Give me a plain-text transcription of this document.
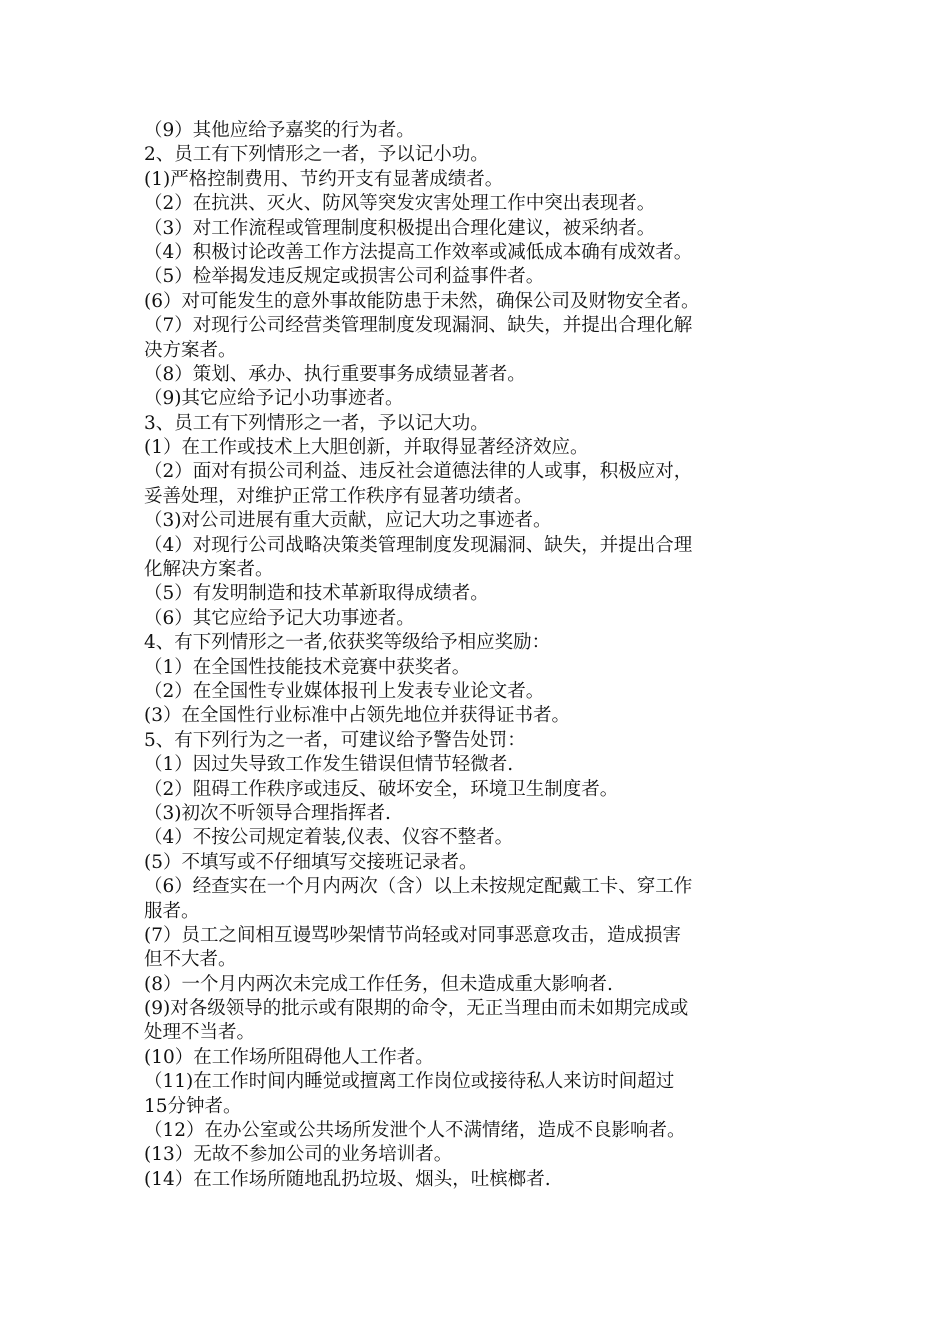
（9）其他应给予嘉奖的行为者。

2、员工有下列情形之一者，予以记小功。

(1)严格控制费用、节约开支有显著成绩者。

（2）在抗洪、灭火、防风等突发灾害处理工作中突出表现者。

（3）对工作流程或管理制度积极提出合理化建议，被采纳者。

（4）积极讨论改善工作方法提高工作效率或减低成本确有成效者。

（5）检举揭发违反规定或损害公司利益事件者。

(6）对可能发生的意外事故能防患于未然，确保公司及财物安全者。

（7）对现行公司经营类管理制度发现漏洞、缺失，并提出合理化解

决方案者。

（8）策划、承办、执行重要事务成绩显著者。

（9)其它应给予记小功事迹者。

3、员工有下列情形之一者，予以记大功。

(1）在工作或技术上大胆创新，并取得显著经济效应。

（2）面对有损公司利益、违反社会道德法律的人或事，积极应对，

妥善处理，对维护正常工作秩序有显著功绩者。

（3)对公司进展有重大贡献，应记大功之事迹者。

（4）对现行公司战略决策类管理制度发现漏洞、缺失，并提出合理

化解决方案者。

（5）有发明制造和技术革新取得成绩者。

（6）其它应给予记大功事迹者。

4、有下列情形之一者,依获奖等级给予相应奖励：

（1）在全国性技能技术竞赛中获奖者。

（2）在全国性专业媒体报刊上发表专业论文者。

(3）在全国性行业标准中占领先地位并获得证书者。

5、有下列行为之一者，可建议给予警告处罚：

（1）因过失导致工作发生错误但情节轻微者.

（2）阻碍工作秩序或违反、破坏安全，环境卫生制度者。

（3)初次不听领导合理指挥者.

（4）不按公司规定着装,仪表、仪容不整者。

(5）不填写或不仔细填写交接班记录者。

（6）经查实在一个月内两次（含）以上未按规定配戴工卡、穿工作

服者。

(7）员工之间相互谩骂吵架情节尚轻或对同事恶意攻击，造成损害

但不大者。

(8）一个月内两次未完成工作任务，但未造成重大影响者.

(9)对各级领导的批示或有限期的命令，无正当理由而未如期完成或

处理不当者。

(10）在工作场所阻碍他人工作者。

（11)在工作时间内睡觉或擅离工作岗位或接待私人来访时间超过

15分钟者。

（12）在办公室或公共场所发泄个人不满情绪，造成不良影响者。

(13）无故不参加公司的业务培训者。

(14）在工作场所随地乱扔垃圾、烟头，吐槟榔者.
